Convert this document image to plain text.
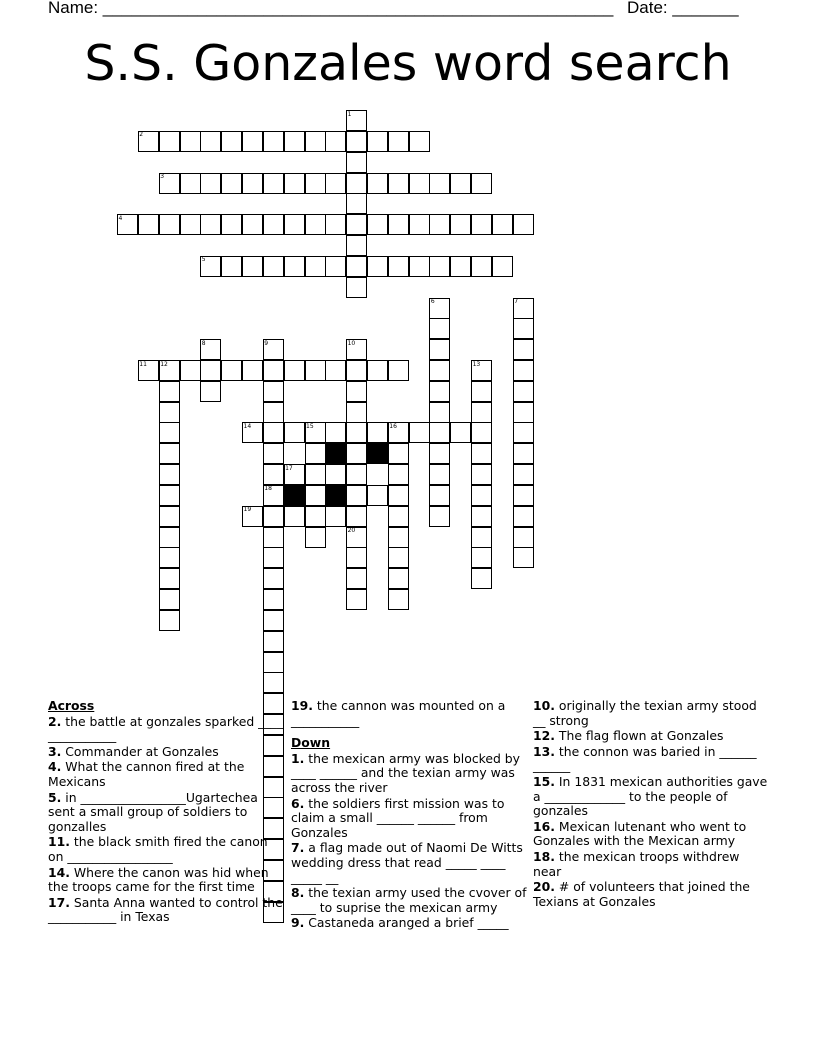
Name: ______________________________________________________ Date: _______
S.S. Gonzales word search
1
2
3
4
5
6	7
8	9	10
11 12	13
14	15	16
17
18
19
20
Across
2. the battle at gonzales sparked ____ ___________
3. Commander at Gonzales
4. What the cannon fired at the Mexicans
5. in _________________Ugartechea sent a small group of soldiers to gonzalles
11. the black smith fired the canon on _________________
14. Where the canon was hid when the troops came for the first time
17. Santa Anna wanted to control the ___________ in Texas
19. the cannon was mounted on a ___________
Down
1. the mexican army was blocked by ____ ______ and the texian army was across the river
6. the soldiers first mission was to claim a small ______ ______ from Gonzales
7. a flag made out of Naomi De Witts wedding dress that read _____ ____ _____ __
8. the texian army used the cvover of ____ to suprise the mexican army
9. Castaneda aranged a brief _____
10. originally the texian army stood __ strong
12. The flag flown at Gonzales
13. the connon was baried in ______ ______
15. In 1831 mexican authorities gave a _____________ to the people of gonzales
16. Mexican lutenant who went to Gonzales with the Mexican army
18. the mexican troops withdrew near
20. # of volunteers that joined the Texians at Gonzales
